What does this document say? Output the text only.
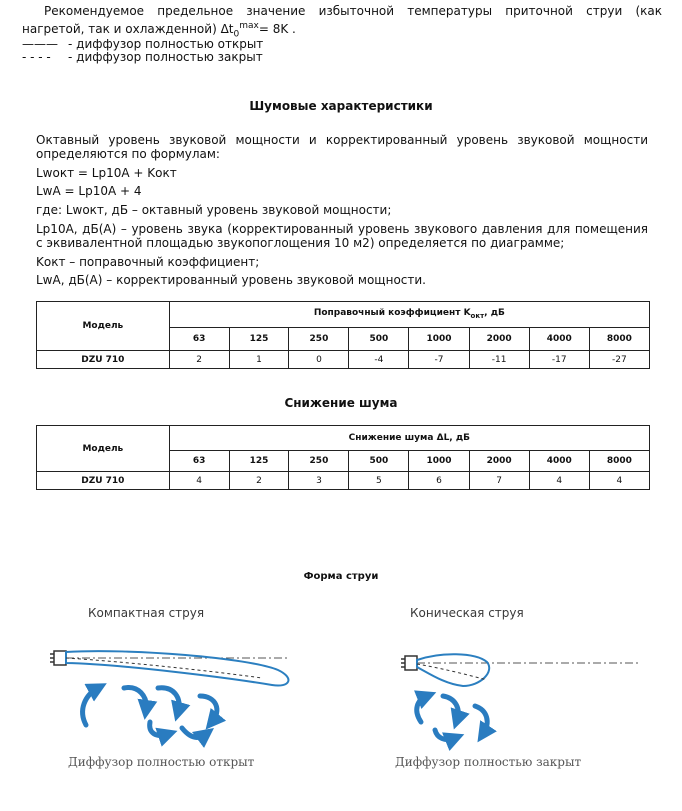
Рекомендуемое предельное значение избыточной температуры приточной струи (как нагретой, так и охлажденной) $\Delta t_0^{max}= 8K$ .
——— - диффузор полностью открыт
- - - - - диффузор полностью закрыт
Шумовые характеристики
Октавный уровень звуковой мощности и корректированный уровень звуковой мощности определяются по формулам:
Lwокт = Lp10A + Kокт
LwA = Lp10A + 4
где: Lwокт, дБ – октавный уровень звуковой мощности;
Lp10A, дБ(А) – уровень звука (корректированный уровень звукового давления для помещения с эквивалентной площадью звукопоглощения 10 м2) определяется по диаграмме;
Kокт – поправочный коэффициент;
LwA, дБ(А) – корректированный уровень звуковой мощности.
Модель	Поправочный коэффициент $K_{окт}$, дБ							
	63	125	250	500	1000	2000	4000	8000
DZU 710	2	1	0	-4	-7	-11	-17	-27
Снижение шума
Модель	Снижение шума ΔL, дБ							
	63	125	250	500	1000	2000	4000	8000
DZU 710	4	2	3	5	6	7	4	4
Форма струи
Компактная струя	Коническая струя
Диффузор полностью открыт	Диффузор полностью закрыт
